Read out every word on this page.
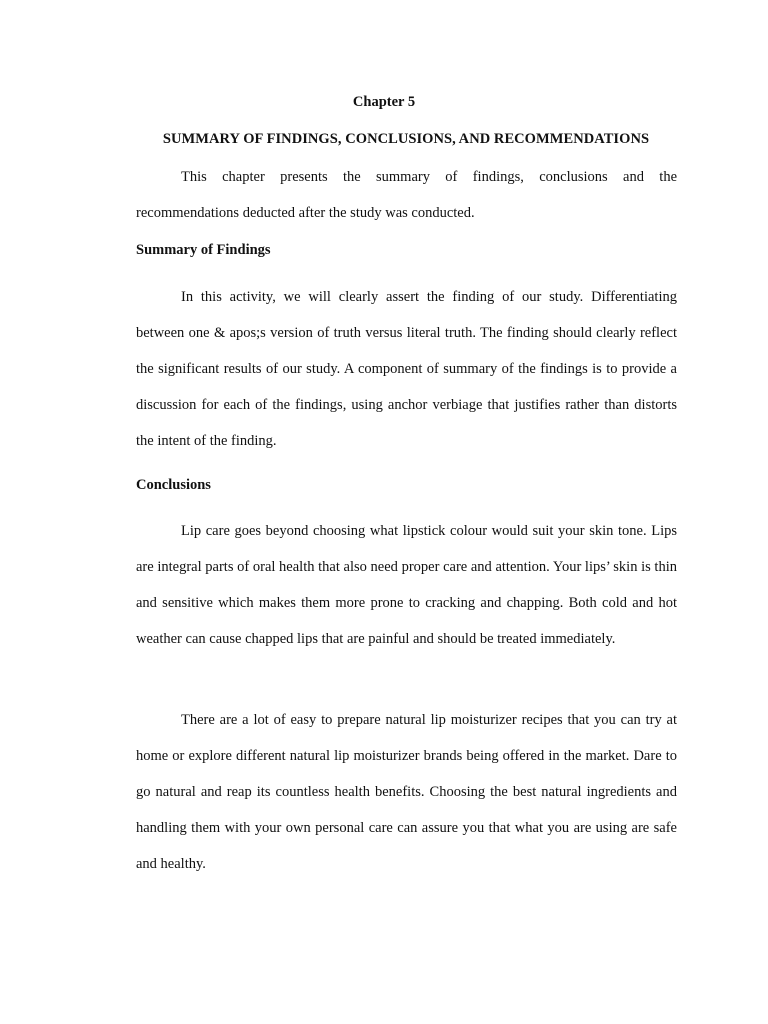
Chapter 5
SUMMARY OF FINDINGS, CONCLUSIONS, AND RECOMMENDATIONS

This chapter presents the summary of findings, conclusions and the recommendations deducted after the study was conducted.

Summary of Findings

In this activity, we will clearly assert the finding of our study. Differentiating between one & apos;s version of truth versus literal truth. The finding should clearly reflect the significant results of our study. A component of summary of the findings is to provide a discussion for each of the findings, using anchor verbiage that justifies rather than distorts the intent of the finding.

Conclusions

Lip care goes beyond choosing what lipstick colour would suit your skin tone. Lips are integral parts of oral health that also need proper care and attention. Your lips’ skin is thin and sensitive which makes them more prone to cracking and chapping. Both cold and hot weather can cause chapped lips that are painful and should be treated immediately.

There are a lot of easy to prepare natural lip moisturizer recipes that you can try at home or explore different natural lip moisturizer brands being offered in the market. Dare to go natural and reap its countless health benefits. Choosing the best natural ingredients and handling them with your own personal care can assure you that what you are using are safe and healthy.
